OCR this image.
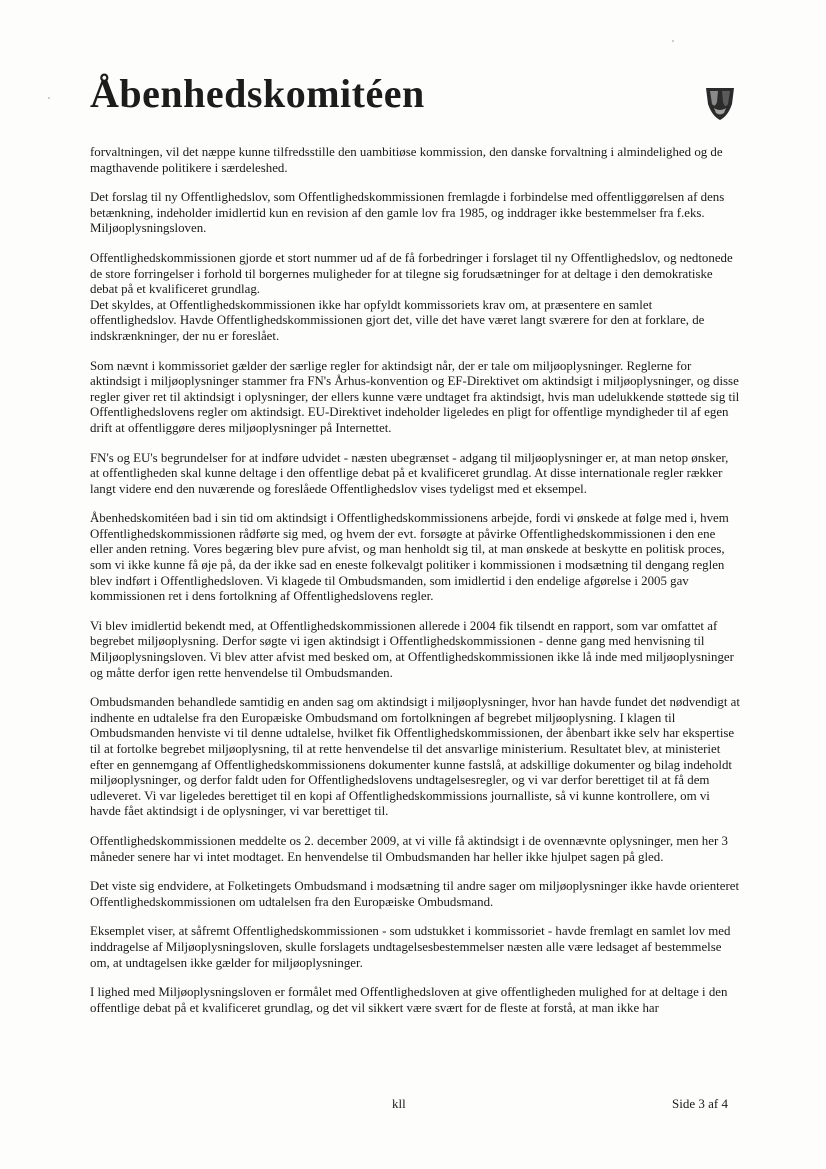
Åbenhedskomitéen

forvaltningen, vil det næppe kunne tilfredsstille den uambitiøse kommission, den danske forvaltning i almindelighed og de magthavende politikere i særdeleshed.

Det forslag til ny Offentlighedslov, som Offentlighedskommissionen fremlagde i forbindelse med offentliggørelsen af dens betænkning, indeholder imidlertid kun en revision af den gamle lov fra 1985, og inddrager ikke bestemmelser fra f.eks. Miljøoplysningsloven.

Offentlighedskommissionen gjorde et stort nummer ud af de få forbedringer i forslaget til ny Offentlighedslov, og nedtonede de store forringelser i forhold til borgernes muligheder for at tilegne sig forudsætninger for at deltage i den demokratiske debat på et kvalificeret grundlag.
Det skyldes, at Offentlighedskommissionen ikke har opfyldt kommissoriets krav om, at præsentere en samlet offentlighedslov. Havde Offentlighedskommissionen gjort det, ville det have været langt sværere for den at forklare, de indskrænkninger, der nu er foreslået.

Som nævnt i kommissoriet gælder der særlige regler for aktindsigt når, der er tale om miljøoplysninger. Reglerne for aktindsigt i miljøoplysninger stammer fra FN's Århus-konvention og EF-Direktivet om aktindsigt i miljøoplysninger, og disse regler giver ret til aktindsigt i oplysninger, der ellers kunne være undtaget fra aktindsigt, hvis man udelukkende støttede sig til Offentlighedslovens regler om aktindsigt. EU-Direktivet indeholder ligeledes en pligt for offentlige myndigheder til af egen drift at offentliggøre deres miljøoplysninger på Internettet.

FN's og EU's begrundelser for at indføre udvidet - næsten ubegrænset - adgang til miljøoplysninger er, at man netop ønsker, at offentligheden skal kunne deltage i den offentlige debat på et kvalificeret grundlag. At disse internationale regler rækker langt videre end den nuværende og foreslåede Offentlighedslov vises tydeligst med et eksempel.

Åbenhedskomitéen bad i sin tid om aktindsigt i Offentlighedskommissionens arbejde, fordi vi ønskede at følge med i, hvem Offentlighedskommissionen rådførte sig med, og hvem der evt. forsøgte at påvirke Offentlighedskommissionen i den ene eller anden retning. Vores begæring blev pure afvist, og man henholdt sig til, at man ønskede at beskytte en politisk proces, som vi ikke kunne få øje på, da der ikke sad en eneste folkevalgt politiker i kommissionen i modsætning til dengang reglen blev indført i Offentlighedsloven. Vi klagede til Ombudsmanden, som imidlertid i den endelige afgørelse i 2005 gav kommissionen ret i dens fortolkning af Offentlighedslovens regler.

Vi blev imidlertid bekendt med, at Offentlighedskommissionen allerede i 2004 fik tilsendt en rapport, som var omfattet af begrebet miljøoplysning. Derfor søgte vi igen aktindsigt i Offentlighedskommissionen - denne gang med henvisning til Miljøoplysningsloven. Vi blev atter afvist med besked om, at Offentlighedskommissionen ikke lå inde med miljøoplysninger og måtte derfor igen rette henvendelse til Ombudsmanden.

Ombudsmanden behandlede samtidig en anden sag om aktindsigt i miljøoplysninger, hvor han havde fundet det nødvendigt at indhente en udtalelse fra den Europæiske Ombudsmand om fortolkningen af begrebet miljøoplysning. I klagen til Ombudsmanden henviste vi til denne udtalelse, hvilket fik Offentlighedskommissionen, der åbenbart ikke selv har ekspertise til at fortolke begrebet miljøoplysning, til at rette henvendelse til det ansvarlige ministerium. Resultatet blev, at ministeriet efter en gennemgang af Offentlighedskommissionens dokumenter kunne fastslå, at adskillige dokumenter og bilag indeholdt miljøoplysninger, og derfor faldt uden for Offentlighedslovens undtagelsesregler, og vi var derfor berettiget til at få dem udleveret. Vi var ligeledes berettiget til en kopi af Offentlighedskommissions journalliste, så vi kunne kontrollere, om vi havde fået aktindsigt i de oplysninger, vi var berettiget til.

Offentlighedskommissionen meddelte os 2. december 2009, at vi ville få aktindsigt i de ovennævnte oplysninger, men her 3 måneder senere har vi intet modtaget. En henvendelse til Ombudsmanden har heller ikke hjulpet sagen på gled.

Det viste sig endvidere, at Folketingets Ombudsmand i modsætning til andre sager om miljøoplysninger ikke havde orienteret Offentlighedskommissionen om udtalelsen fra den Europæiske Ombudsmand.

Eksemplet viser, at såfremt Offentlighedskommissionen - som udstukket i kommissoriet - havde fremlagt en samlet lov med inddragelse af Miljøoplysningsloven, skulle forslagets undtagelsesbestemmelser næsten alle være ledsaget af bestemmelse om, at undtagelsen ikke gælder for miljøoplysninger.

I lighed med Miljøoplysningsloven er formålet med Offentlighedsloven at give offentligheden mulighed for at deltage i den offentlige debat på et kvalificeret grundlag, og det vil sikkert være svært for de fleste at forstå, at man ikke har

kll	Side 3 af 4
